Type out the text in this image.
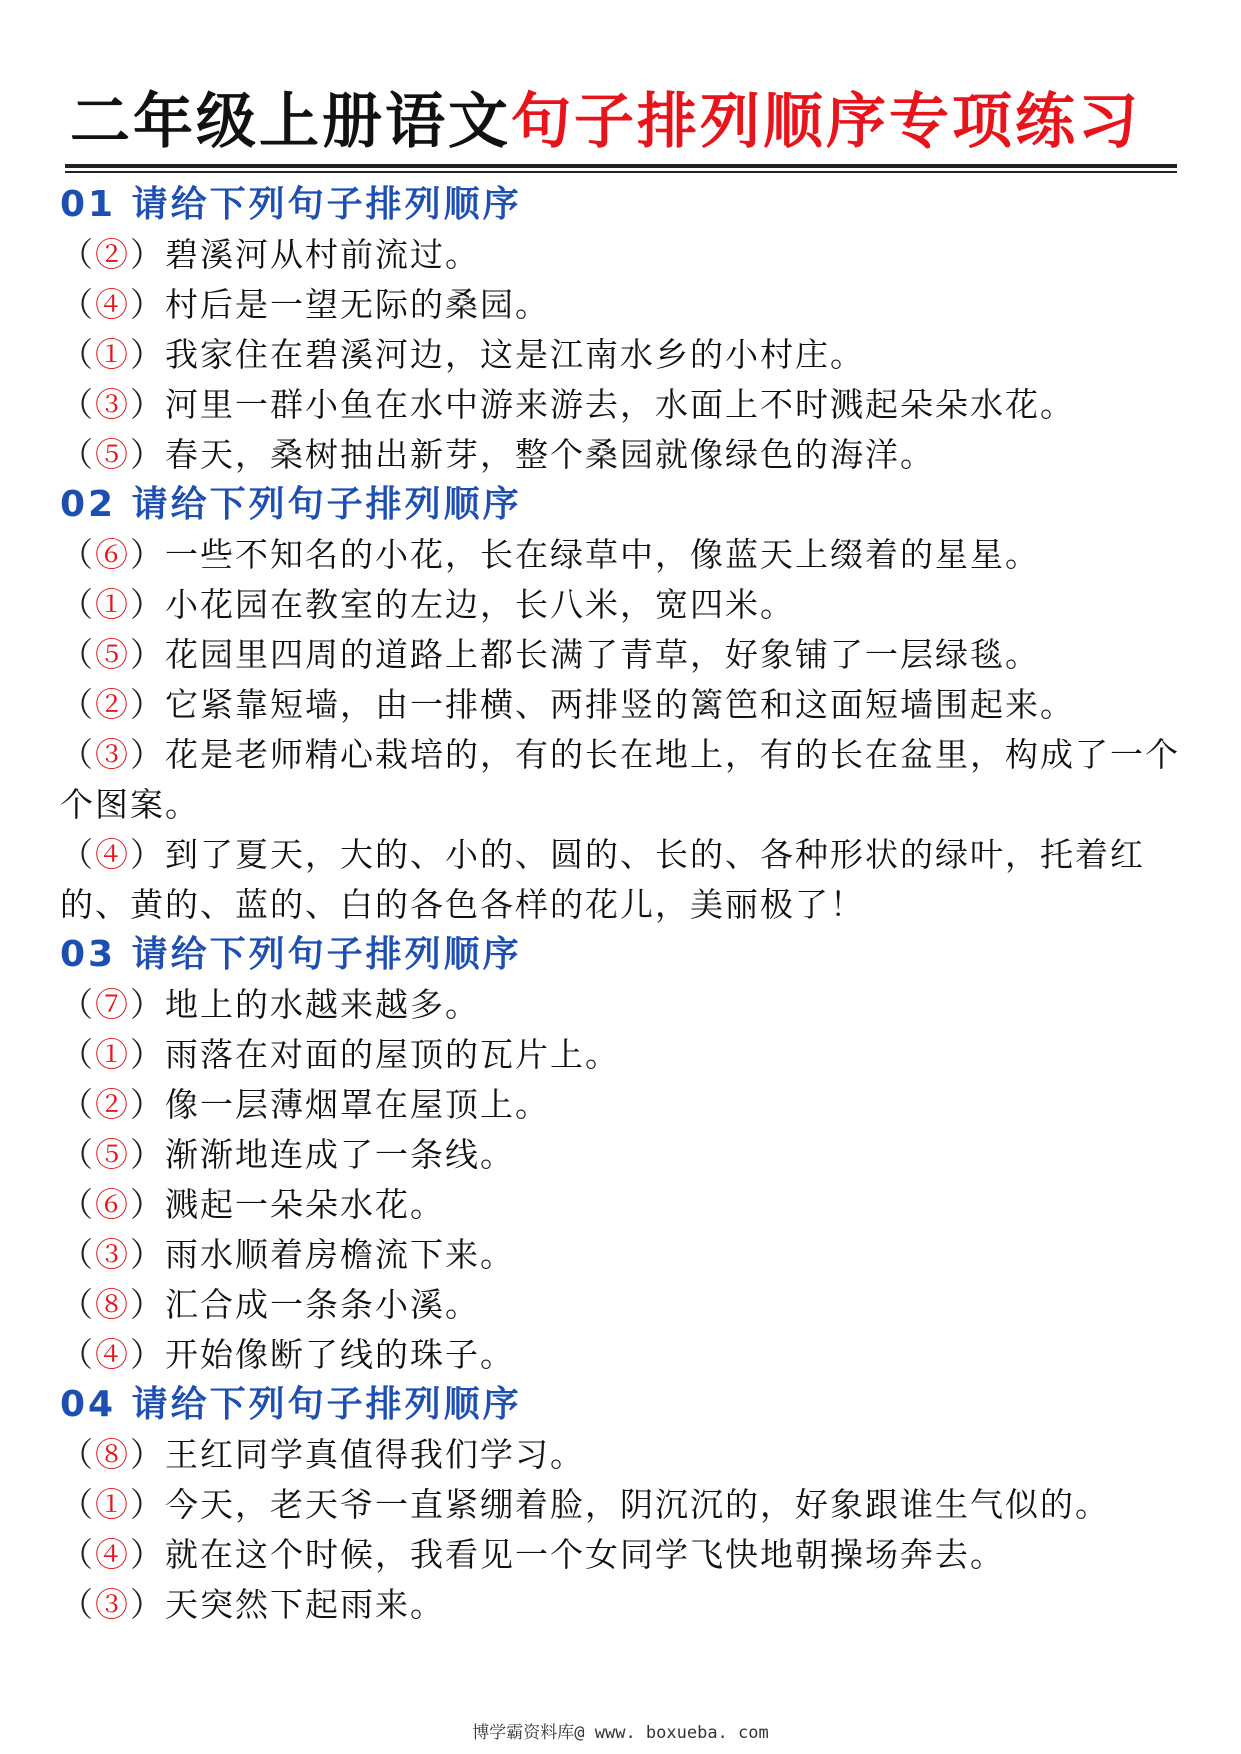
二年级上册语文句子排列顺序专项练习
01 请给下列句子排列顺序
（②）碧溪河从村前流过。
（④）村后是一望无际的桑园。
（①）我家住在碧溪河边，这是江南水乡的小村庄。
（③）河里一群小鱼在水中游来游去，水面上不时溅起朵朵水花。
（⑤）春天，桑树抽出新芽，整个桑园就像绿色的海洋。
02 请给下列句子排列顺序
（⑥）一些不知名的小花，长在绿草中，像蓝天上缀着的星星。
（①）小花园在教室的左边，长八米，宽四米。
（⑤）花园里四周的道路上都长满了青草，好象铺了一层绿毯。
（②）它紧靠短墙，由一排横、两排竖的篱笆和这面短墙围起来。
（③）花是老师精心栽培的，有的长在地上，有的长在盆里，构成了一个个图案。
（④）到了夏天，大的、小的、圆的、长的、各种形状的绿叶，托着红的、黄的、蓝的、白的各色各样的花儿，美丽极了！
03 请给下列句子排列顺序
（⑦）地上的水越来越多。
（①）雨落在对面的屋顶的瓦片上。
（②）像一层薄烟罩在屋顶上。
（⑤）渐渐地连成了一条线。
（⑥）溅起一朵朵水花。
（③）雨水顺着房檐流下来。
（⑧）汇合成一条条小溪。
（④）开始像断了线的珠子。
04 请给下列句子排列顺序
（⑧）王红同学真值得我们学习。
（①）今天，老天爷一直紧绷着脸，阴沉沉的，好象跟谁生气似的。
（④）就在这个时候，我看见一个女同学飞快地朝操场奔去。
（③）天突然下起雨来。
博学霸资料库@ www. boxueba. com
